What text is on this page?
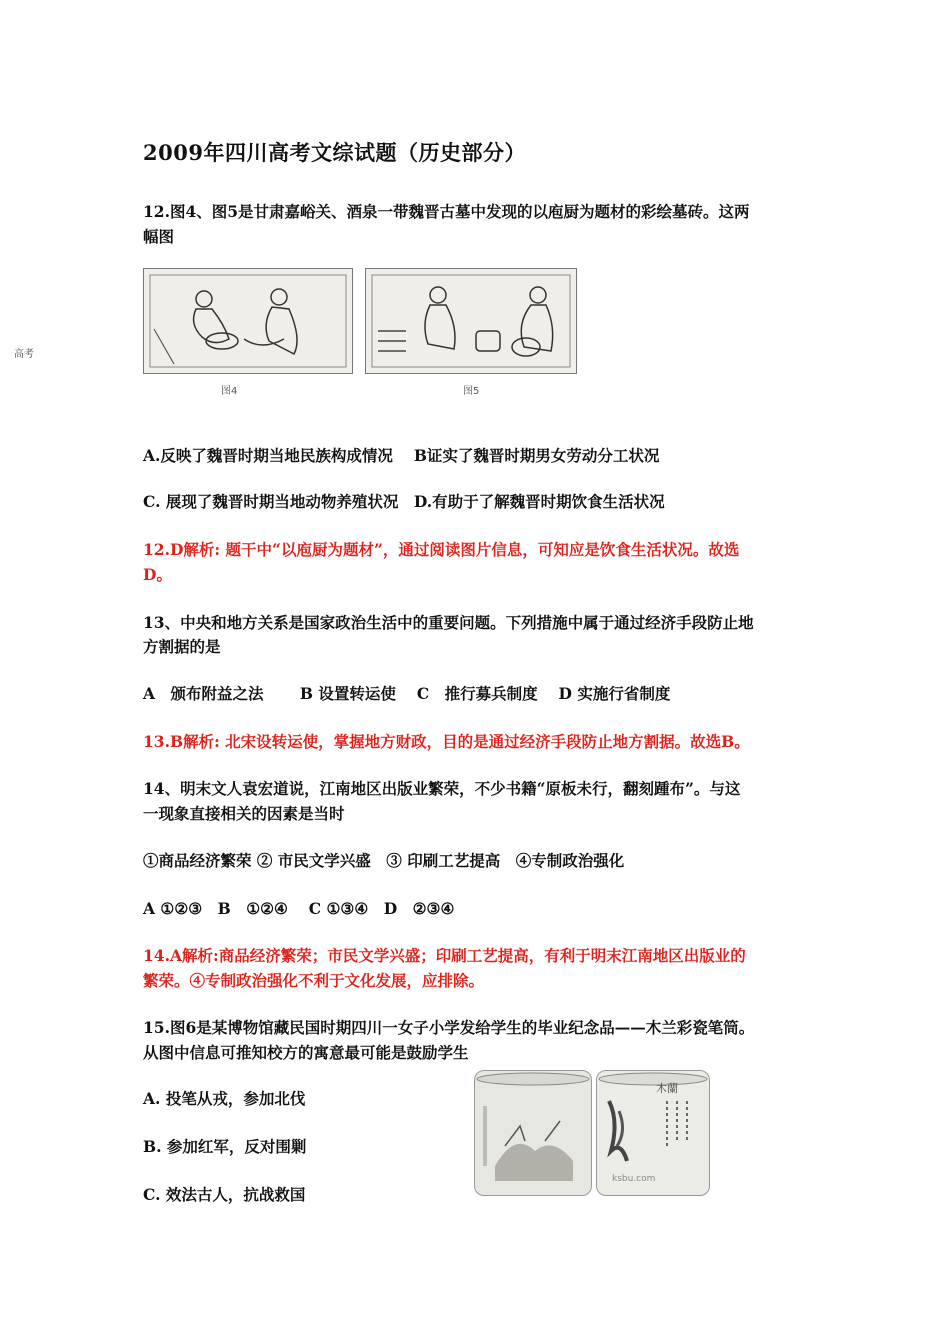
2009年四川高考文综试题（历史部分）
12.图4、图5是甘肃嘉峪关、酒泉一带魏晋古墓中发现的以庖厨为题材的彩绘墓砖。这两
幅图
高考
图4	图5
A.反映了魏晋时期当地民族构成情况　 B证实了魏晋时期男女劳动分工状况
C. 展现了魏晋时期当地动物养殖状况　D.有助于了解魏晋时期饮食生活状况
12.D解析: 题干中“以庖厨为题材”，通过阅读图片信息，可知应是饮食生活状况。故选
D。
13、中央和地方关系是国家政治生活中的重要问题。下列措施中属于通过经济手段防止地
方割据的是
A　颁布附益之法　　 B 设置转运使　 C　推行募兵制度　 D 实施行省制度
13.B解析: 北宋设转运使，掌握地方财政，目的是通过经济手段防止地方割据。故选B。
14、明末文人袁宏道说，江南地区出版业繁荣，不少书籍“原板未行，翻刻踵布”。与这
一现象直接相关的因素是当时
①商品经济繁荣 ② 市民文学兴盛　③ 印刷工艺提高　④专制政治强化
A ①②③　B　①②④　 C ①③④　D　②③④
14.A解析:商品经济繁荣；市民文学兴盛；印刷工艺提高，有利于明末江南地区出版业的
繁荣。④专制政治强化不利于文化发展，应排除。
15.图6是某博物馆藏民国时期四川一女子小学发给学生的毕业纪念品——木兰彩瓷笔筒。
从图中信息可推知校方的寓意最可能是鼓励学生
A. 投笔从戎，参加北伐
B. 参加红军，反对围剿
C. 效法古人，抗战救国
木蘭
ksbu.com
